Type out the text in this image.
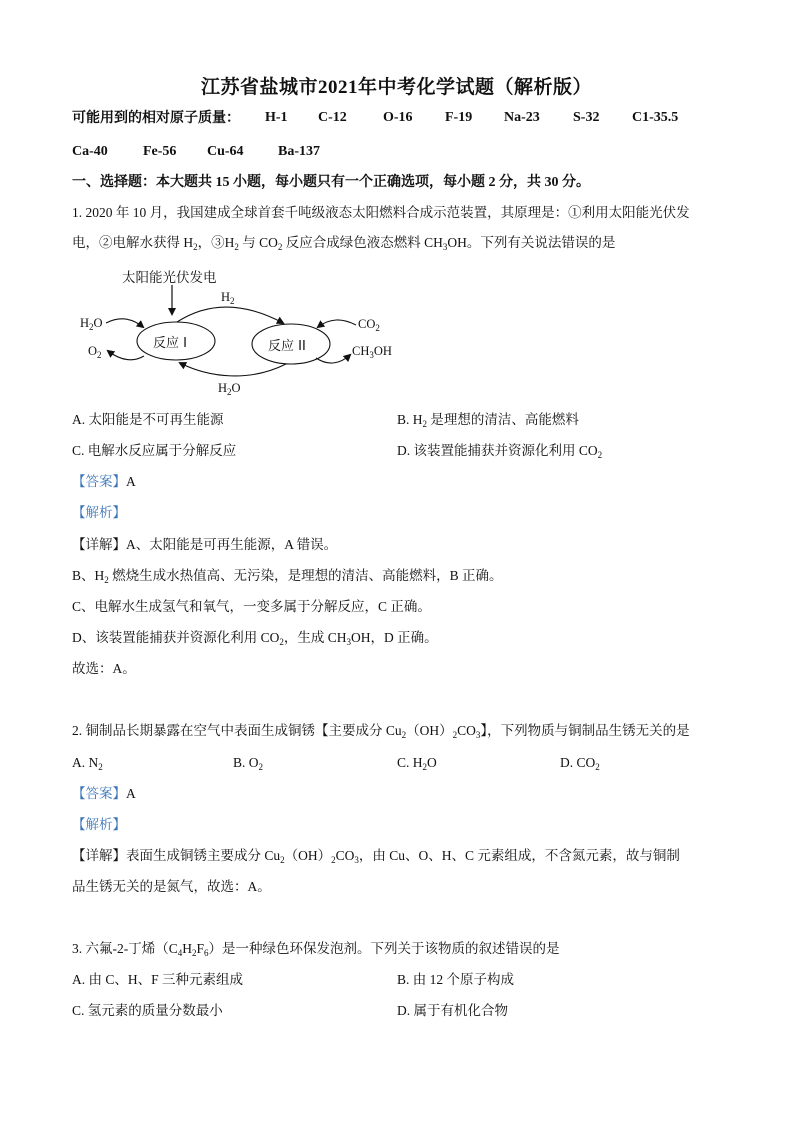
江苏省盐城市2021年中考化学试题（解析版）
可能用到的相对原子质量： H-1 C-12	O-16 F-19 Na-23 S-32 C1-35.5
Ca-40	Fe-56 Cu-64 Ba-137
一、选择题：本大题共 15 小题，每小题只有一个正确选项，每小题 2 分，共 30 分。
1. 2020 年 10 月，我国建成全球首套千吨级液态太阳燃料合成示范装置，其原理是：①利用太阳能光伏发
电，②电解水获得 $H_2$，$③H_2$ 与 $CO_2$ 反应合成绿色液态燃料 $CH_3OH$。下列有关说法错误的是
太阳能光伏发电
反应 I	反应 II
$H_2$
$H_2O$
$O_2$
$CO_2$
$CH_3OH$
$H_2O$
A. 太阳能是不可再生能源	B. $H_2$ 是理想的清洁、高能燃料
C. 电解水反应属于分解反应	D. 该装置能捕获并资源化利用 $CO_2$
【答案】A
【解析】
【详解】A、太阳能是可再生能源，A 错误。
B、$H_2$ 燃烧生成水热值高、无污染，是理想的清洁、高能燃料，B 正确。
C、电解水生成氢气和氧气，一变多属于分解反应，C 正确。
D、该装置能捕获并资源化利用 $CO_2$，生成 $CH_3OH$，D 正确。
故选：A。
2. 铜制品长期暴露在空气中表面生成铜锈【主要成分 $Cu_2(OH)_2CO_3$】，下列物质与铜制品生锈无关的是
A. $N_2$	B. $O_2$	C. $H_2O$	D. $CO_2$
【答案】A
【解析】
【详解】表面生成铜锈主要成分 $Cu_2(OH)_2CO_3$，由 Cu、O、H、C 元素组成，不含氮元素，故与铜制
品生锈无关的是氮气，故选：A。
3. 六氟-2-丁烯$(C_4H_2F_6)$是一种绿色环保发泡剂。下列关于该物质的叙述错误的是
A. 由 C、H、F 三种元素组成	B. 由 12 个原子构成
C. 氢元素的质量分数最小	D. 属于有机化合物
